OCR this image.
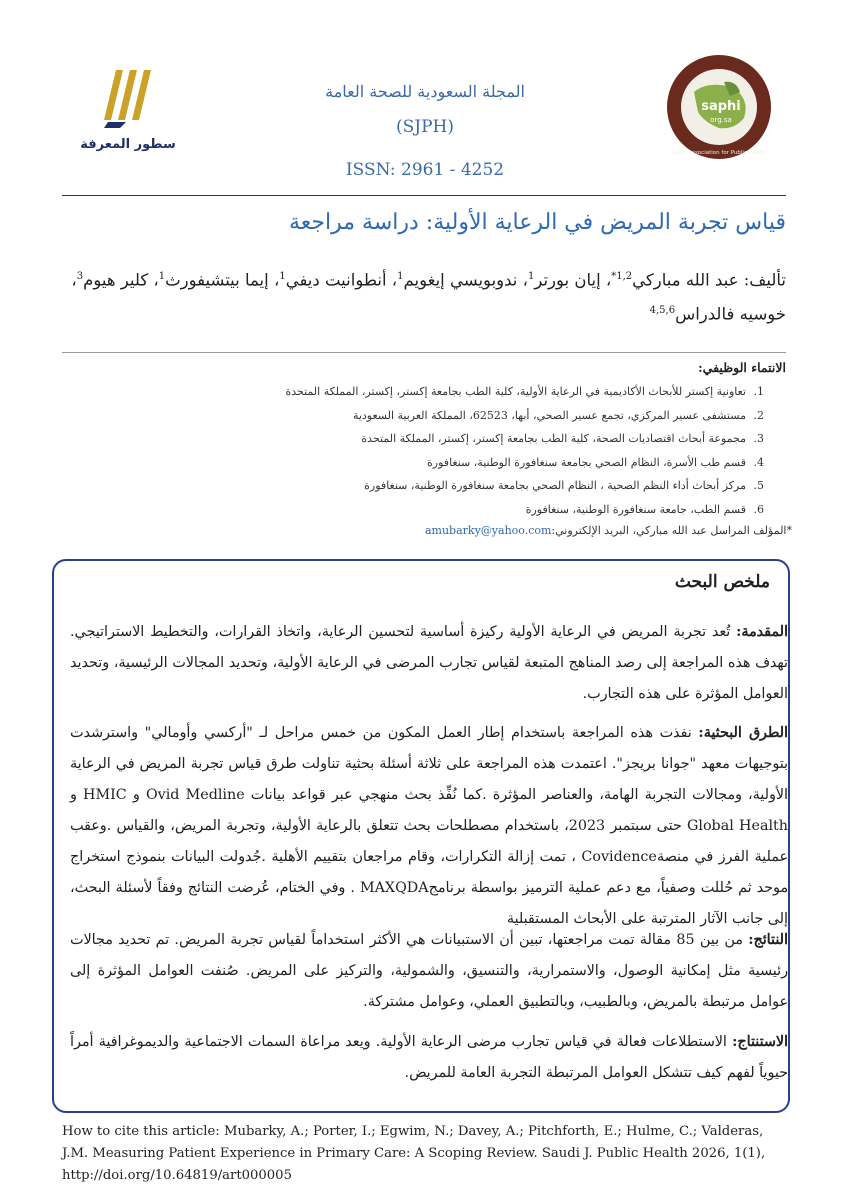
سطور المعرفة
المجلة السعودية للصحة العامة
(SJPH)
ISSN: 2961 - 4252
saphi
org.sa
Saudi Association for Public Health
قياس تجربة المريض في الرعاية الأولية: دراسة مراجعة
تأليف: عبد الله مباركي$^{1,2*}$، إيان بورتر$^1$، ندوبويسي إيغويم$^1$، أنطوانيت ديفي$^1$، إيما بيتشيفورث$^1$، كلير هيوم$^3$، خوسيه فالدراس$^{4,5,6}$
الانتماء الوظيفي:
1.تعاونية إكستر للأبحاث الأكاديمية في الرعاية الأولية، كلية الطب بجامعة إكستر، إكستر، المملكة المتحدة
2.مستشفى عسير المركزي، تجمع عسير الصحي، أبها، 62523، المملكة العربية السعودية
3.مجموعة أبحاث اقتصاديات الصحة، كلية الطب بجامعة إكستر، إكستر، المملكة المتحدة
4.قسم طب الأسرة، النظام الصحي بجامعة سنغافورة الوطنية، سنغافورة
5.مركز أبحاث أداء النظم الصحية ، النظام الصحي بجامعة سنغافورة الوطنية، سنغافورة
6.قسم الطب، جامعة سنغافورة الوطنية، سنغافورة
*المؤلف المراسل عبد الله مباركي، البريد الإلكتروني:amubarky@yahoo.com
ملخص البحث

المقدمة: تُعد تجربة المريض في الرعاية الأولية ركيزة أساسية لتحسين الرعاية، واتخاذ القرارات، والتخطيط الاستراتيجي. تهدف هذه المراجعة إلى رصد المناهج المتبعة لقياس تجارب المرضى في الرعاية الأولية، وتحديد المجالات الرئيسية، وتحديد العوامل المؤثرة على هذه التجارب.

الطرق البحثية: نفذت هذه المراجعة باستخدام إطار العمل المكون من خمس مراحل لـ "أركسي وأومالي" واسترشدت بتوجيهات معهد "جوانا بريجز". اعتمدت هذه المراجعة على ثلاثة أسئلة بحثية تناولت طرق قياس تجربة المريض في الرعاية الأولية، ومجالات التجربة الهامة، والعناصر المؤثرة .كما نُفِّذ بحث منهجي عبر قواعد بيانات Ovid Medline و HMIC و Global Health حتى سبتمبر 2023، باستخدام مصطلحات بحث تتعلق بالرعاية الأولية، وتجربة المريض، والقياس .وعقب عملية الفرز في منصةCovidence ، تمت إزالة التكرارات، وقام مراجعان بتقييم الأهلية .جُدولت البيانات بنموذج استخراج موحد ثم حُللت وصفياً، مع دعم عملية الترميز بواسطة برنامجMAXQDA . وفي الختام، عُرضت النتائج وفقاً لأسئلة البحث، إلى جانب الآثار المترتبة على الأبحاث المستقبلية

النتائج: من بين 85 مقالة تمت مراجعتها، تبين أن الاستبيانات هي الأكثر استخداماً لقياس تجربة المريض. تم تحديد مجالات رئيسية مثل إمكانية الوصول، والاستمرارية، والتنسيق، والشمولية، والتركيز على المريض. صُنفت العوامل المؤثرة إلى عوامل مرتبطة بالمريض، وبالطبيب، وبالتطبيق العملي، وعوامل مشتركة.

الاستنتاج: الاستطلاعات فعالة في قياس تجارب مرضى الرعاية الأولية. ويعد مراعاة السمات الاجتماعية والديموغرافية أمراً حيوياً لفهم كيف تتشكل العوامل المرتبطة التجربة العامة للمريض.

How to cite this article: Mubarky, A.; Porter, I.; Egwim, N.; Davey, A.; Pitchforth, E.; Hulme, C.; Valderas, J.M. Measuring Patient Experience in Primary Care: A Scoping Review. Saudi J. Public Health 2026, 1(1), http://doi.org/10.64819/art000005
